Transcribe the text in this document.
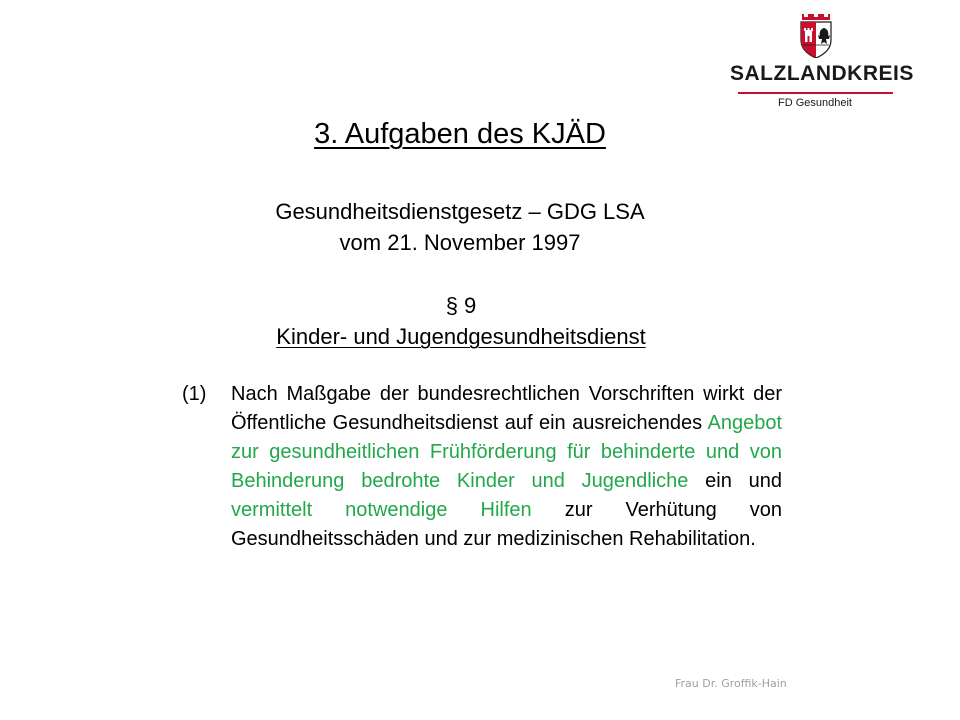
SALZLANDKREIS
FD Gesundheit
3. Aufgaben des KJÄD
Gesundheitsdienstgesetz – GDG LSA
vom 21. November 1997
§ 9
Kinder- und Jugendgesundheitsdienst
(1) Nach Maßgabe der bundesrechtlichen Vorschriften wirkt der Öffentliche Gesundheitsdienst auf ein ausreichendes Angebot zur gesundheitlichen Frühförderung für behinderte und von Behinderung bedrohte Kinder und Jugendliche ein und vermittelt notwendige Hilfen zur Verhütung von Gesundheitsschäden und zur medizinischen Rehabilitation.
Frau Dr. Groffik-Hain
